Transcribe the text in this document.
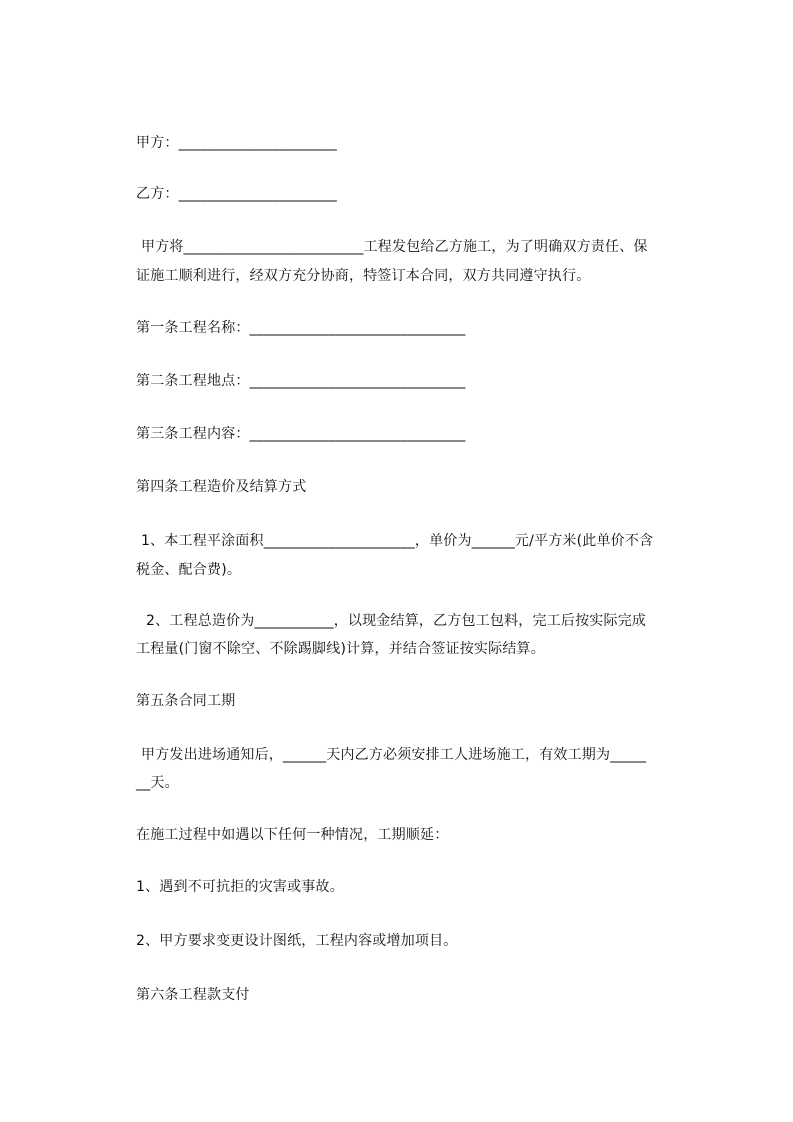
甲方：______________________
乙方：______________________
甲方将_________________________工程发包给乙方施工，为了明确双方责任、保
证施工顺利进行，经双方充分协商，特签订本合同，双方共同遵守执行。
第一条工程名称：______________________________
第二条工程地点：______________________________
第三条工程内容：______________________________
第四条工程造价及结算方式
1、本工程平涂面积_____________________，单价为______元/平方米(此单价不含
税金、配合费)。
2、工程总造价为___________，以现金结算，乙方包工包料，完工后按实际完成
工程量(门窗不除空、不除踢脚线)计算，并结合签证按实际结算。
第五条合同工期
甲方发出进场通知后，______天内乙方必须安排工人进场施工，有效工期为_____
__天。
在施工过程中如遇以下任何一种情况，工期顺延：
1、遇到不可抗拒的灾害或事故。
2、甲方要求变更设计图纸，工程内容或增加项目。
第六条工程款支付
